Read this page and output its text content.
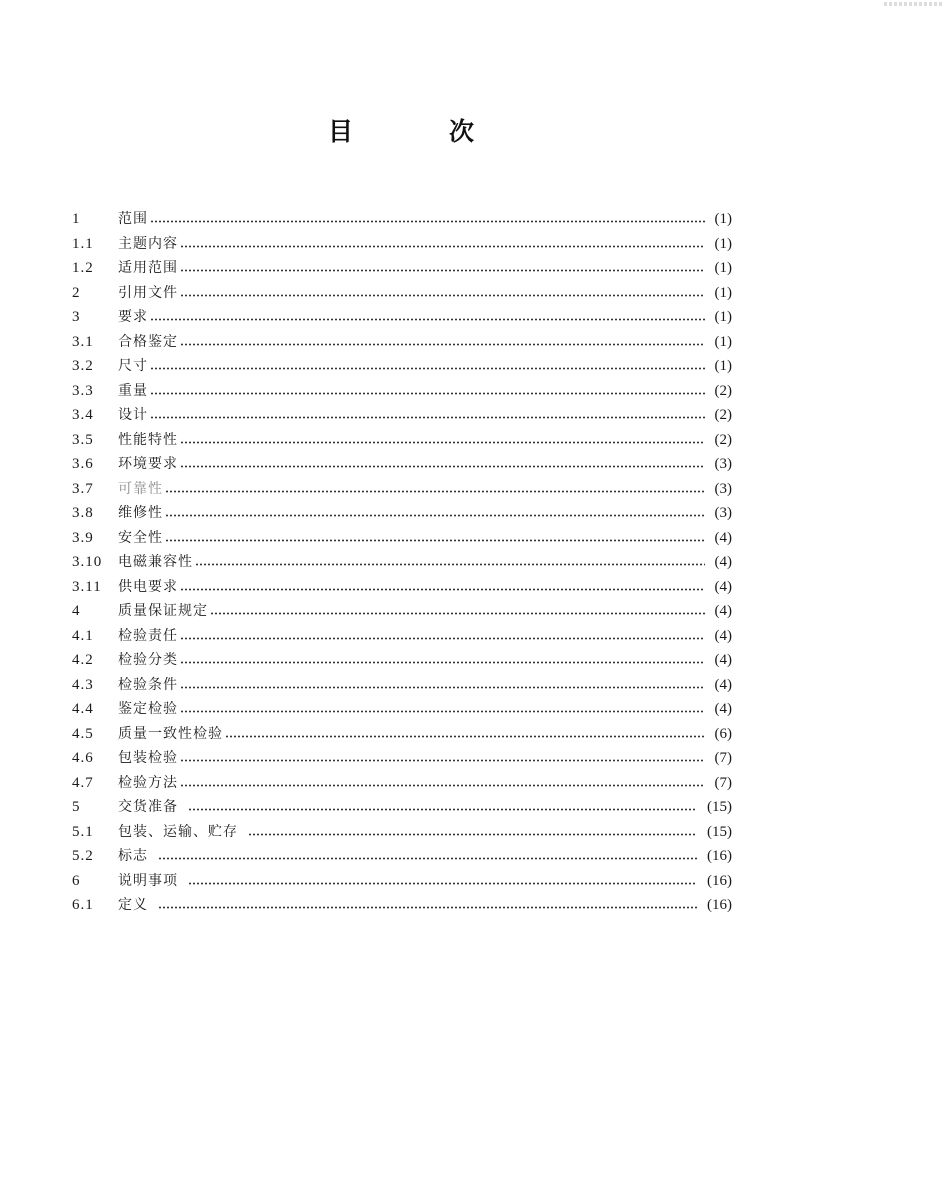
目	次
1	范围	(1)
1.1	主题内容	(1)
1.2	适用范围	(1)
2	引用文件	(1)
3	要求	(1)
3.1	合格鉴定	(1)
3.2	尺寸	(1)
3.3	重量	(2)
3.4	设计	(2)
3.5	性能特性	(2)
3.6	环境要求	(3)
3.7	可靠性	(3)
3.8	维修性	(3)
3.9	安全性	(4)
3.10	电磁兼容性	(4)
3.11	供电要求	(4)
4	质量保证规定	(4)
4.1	检验责任	(4)
4.2	检验分类	(4)
4.3	检验条件	(4)
4.4	鉴定检验	(4)
4.5	质量一致性检验	(6)
4.6	包装检验	(7)
4.7	检验方法	(7)
5	交货准备	(15)
5.1	包装、运输、贮存	(15)
5.2	标志	(16)
6	说明事项	(16)
6.1	定义	(16)
